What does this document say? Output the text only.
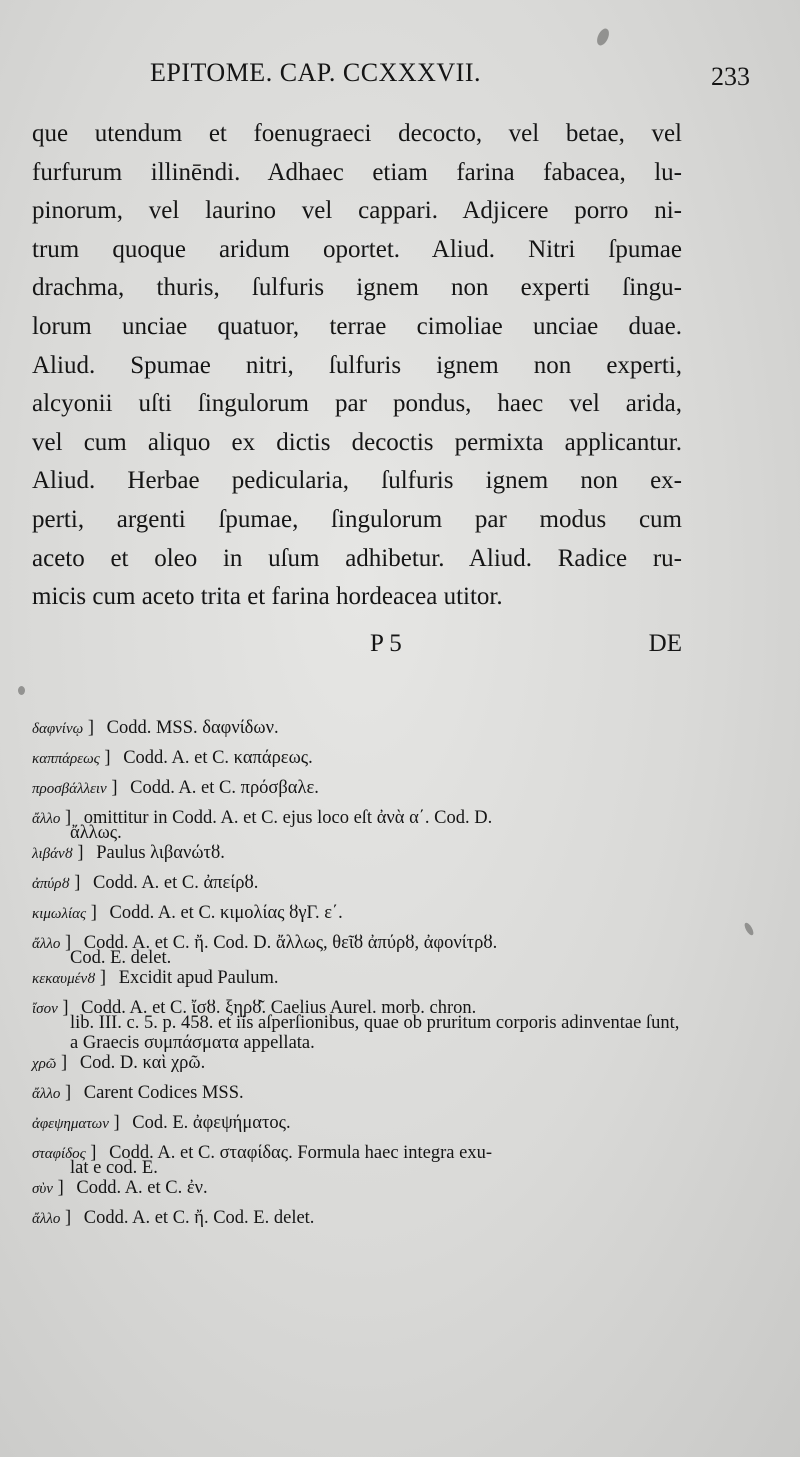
EPITOME. CAP. CCXXXVII.	233
que utendum et foenugraeci decocto, vel betae, vel
furfurum illinēndi. Adhaec etiam farina fabacea, lu-
pinorum, vel laurino vel cappari. Adjicere porro ni-
trum quoque aridum oportet. Aliud. Nitri ſpumae
drachma, thuris, ſulfuris ignem non experti ſingu-
lorum unciae quatuor, terrae cimoliae unciae duae.
Aliud. Spumae nitri, ſulfuris ignem non experti,
alcyonii uſti ſingulorum par pondus, haec vel arida,
vel cum aliquo ex dictis decoctis permixta applicantur.
Aliud. Herbae pedicularia, ſulfuris ignem non ex-
perti, argenti ſpumae, ſingulorum par modus cum
aceto et oleo in uſum adhibetur. Aliud. Radice ru-
micis cum aceto trita et farina hordeacea utitor.
P 5	DE
δαφνίνῳ ] Codd. MSS. δαφνίδων.
καππάρεως ] Codd. A. et C. καπάρεως.
προσβάλλειν ] Codd. A. et C. πρόσβαλε.
ἄλλο ] omittitur in Codd. A. et C. ejus loco eſt ἀνὰ α΄. Cod. D.
ἄλλως.
λιβάνȣ ] Paulus λιβανώτȣ.
ἀπύρȣ ] Codd. A. et C. ἀπείρȣ.
κιμωλίας ] Codd. A. et C. κιμολίας ȣγΓ. ε΄.
ἄλλο ] Codd. A. et C. ἤ. Cod. D. ἄλλως, θεῖȣ ἀπύρȣ, ἀφονίτρȣ.
Cod. E. delet.
κεκαυμένȣ ] Excidit apud Paulum.
ἴσον ] Codd. A. et C. ἴσȣ. ξηρȣ͂. Caelius Aurel. morb. chron.
lib. III. c. 5. p. 458. et iis aſperſionibus, quae ob pruritum corporis adinventae ſunt, a Graecis συμπάσματα appellata.
χρῶ ] Cod. D. καὶ χρῶ.
ἄλλο ] Carent Codices MSS.
ἀφεψηματων ] Cod. E. ἀφεψήματος.
σταφίδος ] Codd. A. et C. σταφίδας. Formula haec integra exu-
lat e cod. E.
σὺν ] Codd. A. et C. ἐν.
ἄλλο ] Codd. A. et C. ἤ. Cod. E. delet.
